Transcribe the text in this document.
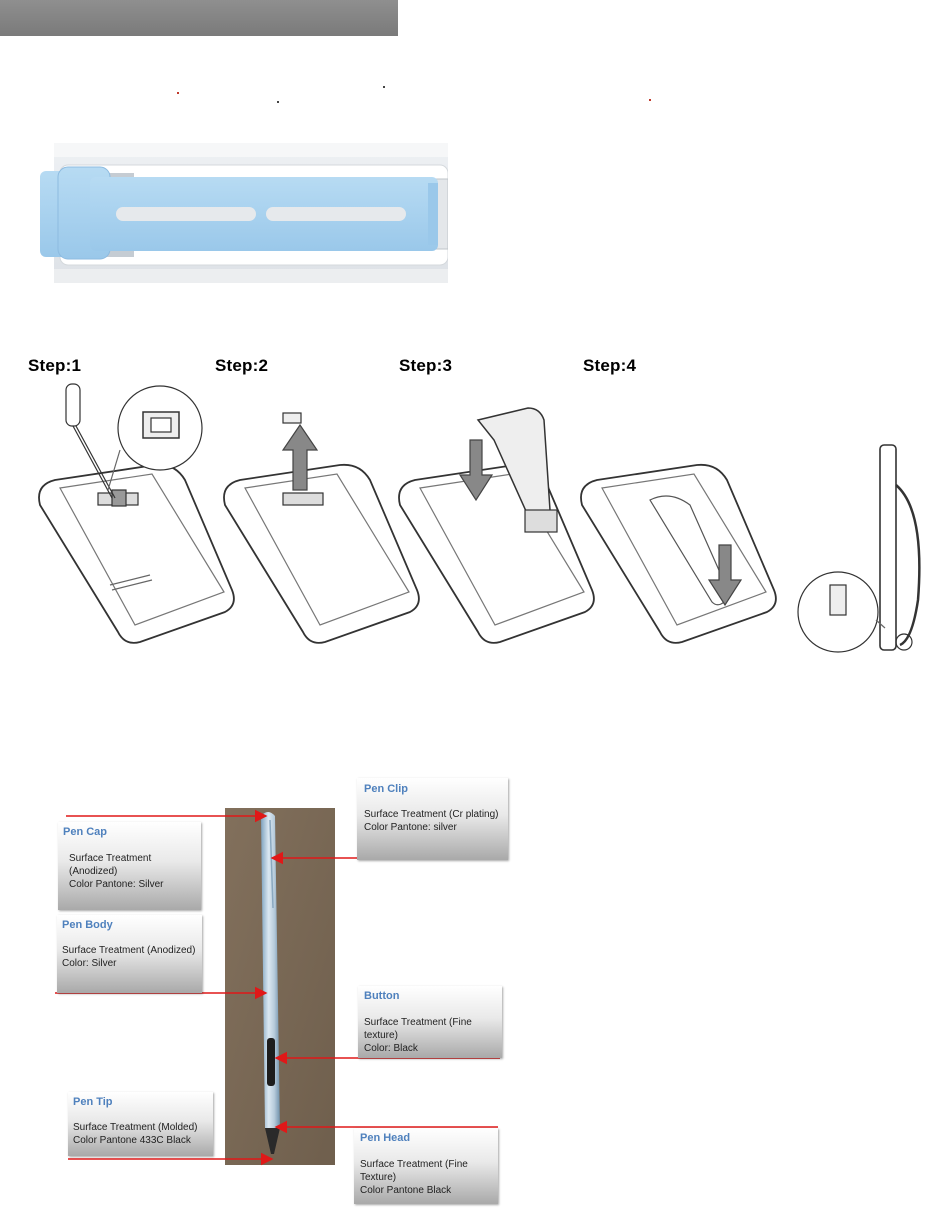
Step:1	Step:2	Step:3	Step:4
Pen Clip
Surface Treatment (Cr plating)
Color Pantone: silver
Pen Cap
Surface Treatment
(Anodized)
Color Pantone: Silver
Pen Body
Surface Treatment (Anodized)
Color: Silver
Button
Surface Treatment (Fine
texture)
Color: Black
Pen Tip
Surface Treatment (Molded)
Color Pantone 433C Black	Pen Head
Surface Treatment (Fine
Texture)
Color Pantone Black
